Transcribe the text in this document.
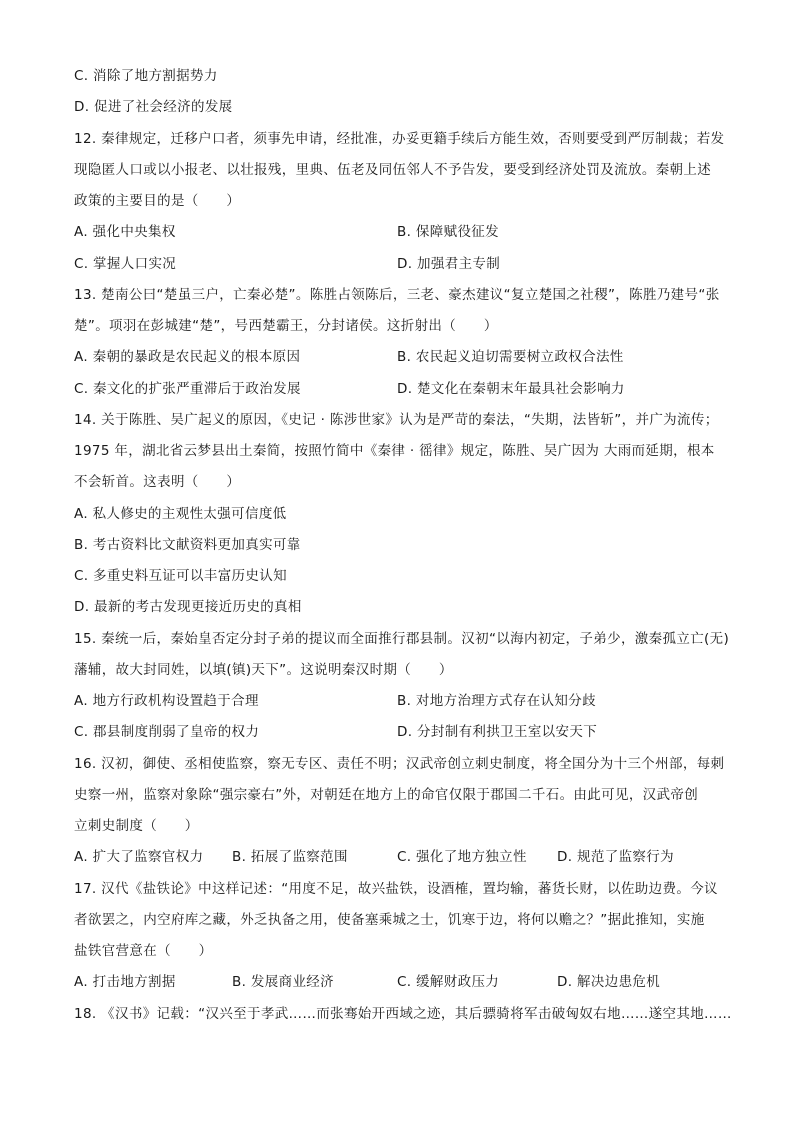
C. 消除了地方割据势力
D. 促进了社会经济的发展
12. 秦律规定，迁移户口者，须事先申请，经批准，办妥更籍手续后方能生效，否则要受到严厉制裁；若发
现隐匿人口或以小报老、以壮报残，里典、伍老及同伍邻人不予告发，要受到经济处罚及流放。秦朝上述
政策的主要目的是（　　）
A. 强化中央集权	B. 保障赋役征发
C. 掌握人口实况	D. 加强君主专制
13. 楚南公曰“楚虽三户，亡秦必楚”。陈胜占领陈后，三老、豪杰建议“复立楚国之社稷”，陈胜乃建号“张
楚”。项羽在彭城建“楚”，号西楚霸王，分封诸侯。这折射出（　　）
A. 秦朝的暴政是农民起义的根本原因	B. 农民起义迫切需要树立政权合法性
C. 秦文化的扩张严重滞后于政治发展	D. 楚文化在秦朝末年最具社会影响力
14. 关于陈胜、吴广起义的原因，《史记 · 陈涉世家》认为是严苛的秦法，“失期，法皆斩”，并广为流传；
1975 年，湖北省云梦县出土秦简，按照竹简中《秦律 · 徭律》规定，陈胜、吴广因为 大雨而延期，根本
不会斩首。这表明（　　）
A. 私人修史的主观性太强可信度低
B. 考古资料比文献资料更加真实可靠
C. 多重史料互证可以丰富历史认知
D. 最新的考古发现更接近历史的真相
15. 秦统一后，秦始皇否定分封子弟的提议而全面推行郡县制。汉初“以海内初定，子弟少，激秦孤立亡(无)
藩辅，故大封同姓，以填(镇)天下”。这说明秦汉时期（　　）
A. 地方行政机构设置趋于合理	B. 对地方治理方式存在认知分歧
C. 郡县制度削弱了皇帝的权力	D. 分封制有利拱卫王室以安天下
16. 汉初，御使、丞相使监察，察无专区、责任不明；汉武帝创立刺史制度，将全国分为十三个州部，每刺
史察一州，监察对象除“强宗豪右”外，对朝廷在地方上的命官仅限于郡国二千石。由此可见，汉武帝创
立刺史制度（　　）
A. 扩大了监察官权力 B. 拓展了监察范围	C. 强化了地方独立性 D. 规范了监察行为
17. 汉代《盐铁论》中这样记述：“用度不足，故兴盐铁，设酒榷，置均输，蕃货长财，以佐助边费。今议
者欲罢之，内空府库之藏，外乏执备之用，使备塞乘城之士，饥寒于边，将何以赡之？”据此推知，实施
盐铁官营意在（　　）
A. 打击地方割据	B. 发展商业经济	C. 缓解财政压力	D. 解决边患危机
18. 《汉书》记载：“汉兴至于孝武……而张骞始开西域之迹，其后骠骑将军击破匈奴右地……遂空其地……
